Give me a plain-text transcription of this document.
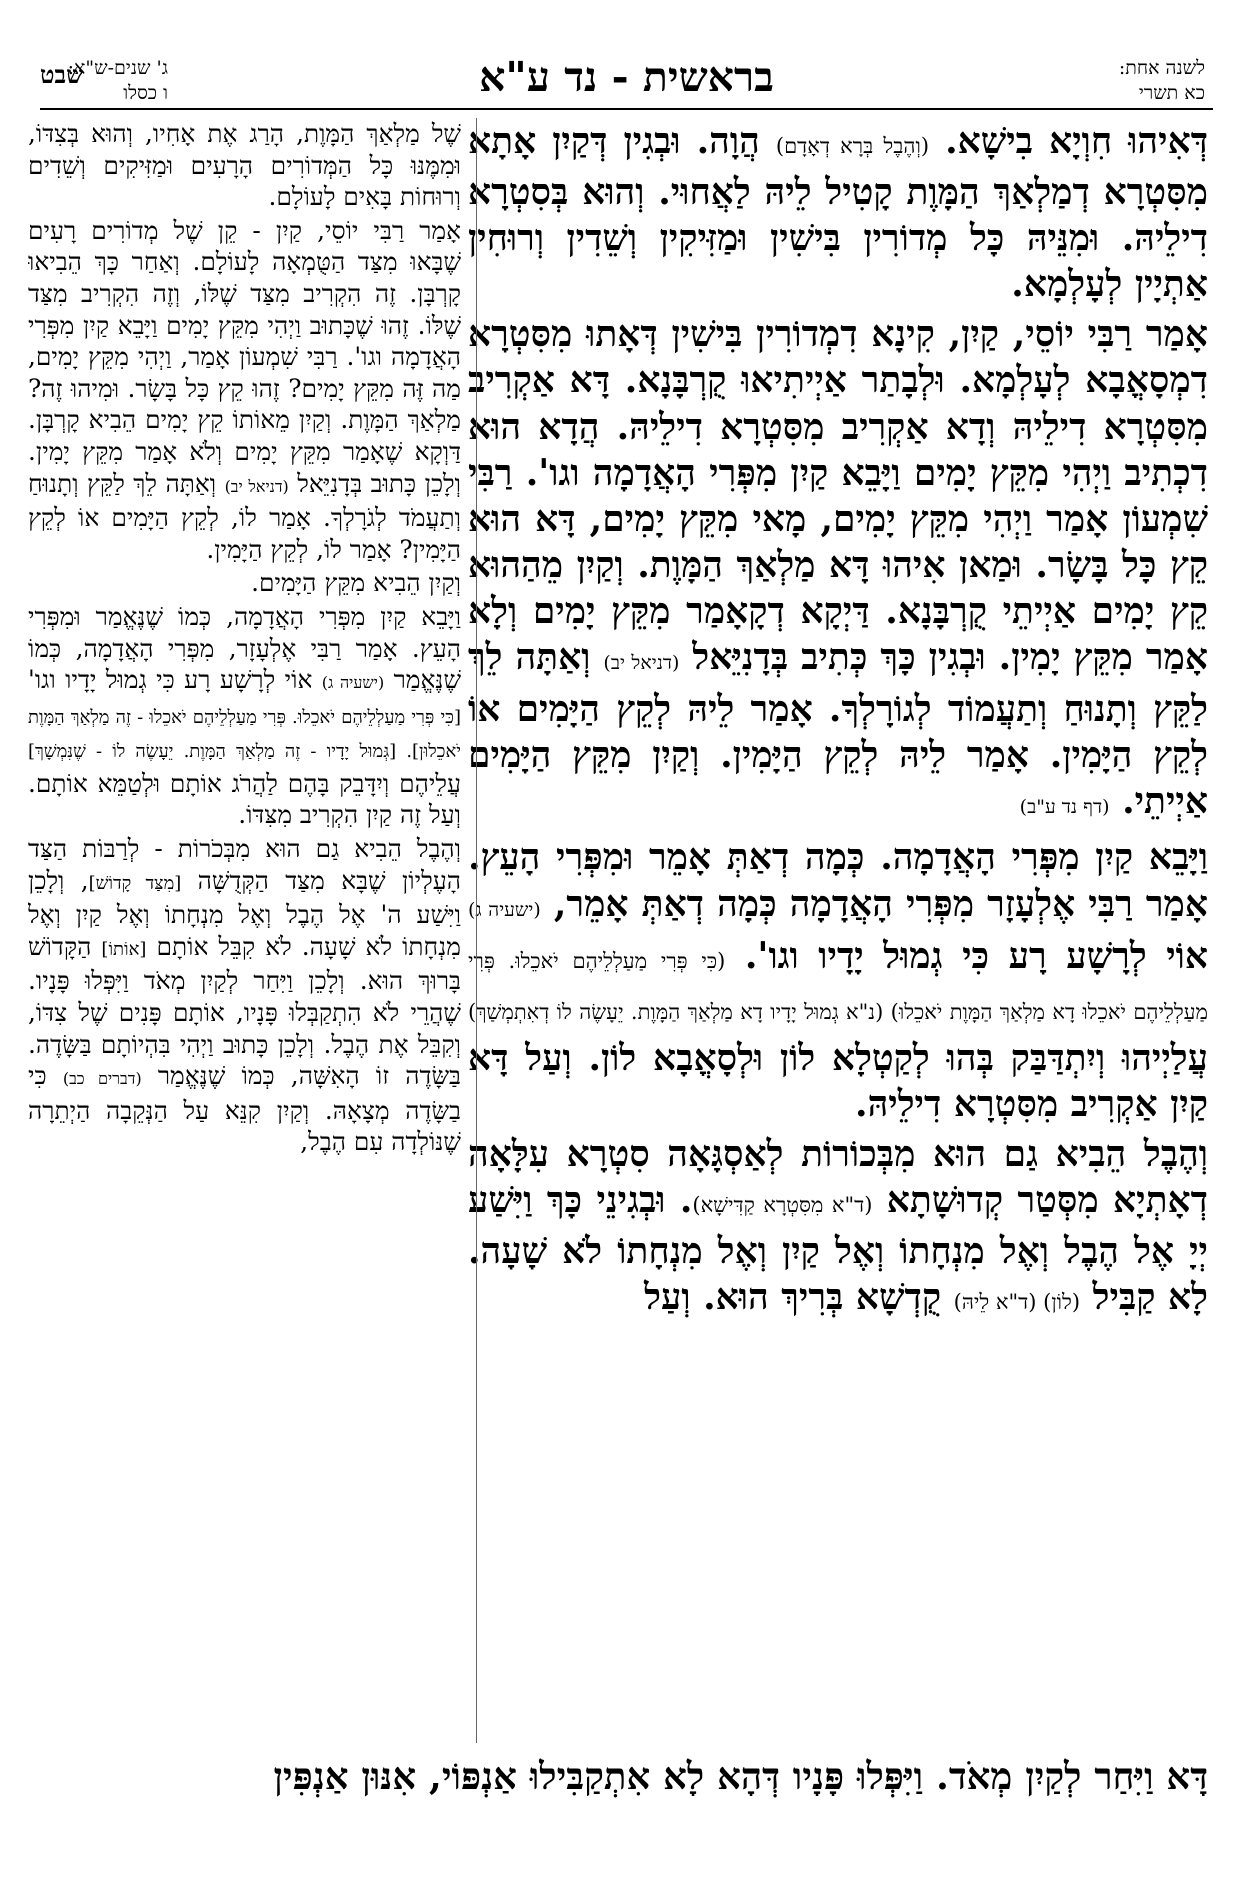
לשנה אחת:
כא תשרי
בראשית - נד ע"א
ג' שנים-ש"א:
ו כסלו
שבט

דְּאִיהוּ חִוְיָא בִישָׁא. (וְהֶבֶל בְּרָא דְאָדָם) הֲוָה. וּבְגִין דְּקַיִן אָתָא מִסִּטְרָא דְמַלְאַךְ הַמָּוֶת קָטִיל לֵיהּ לַאֲחוּי. וְהוּא בְּסִטְרָא דִילֵיהּ. וּמִנֵּיהּ כָּל מְדוֹרִין בִּישִׁין וּמַזִּיקִין וְשֵׁדִין וְרוּחִין אַתְיָין לְעָלְמָא.

אָמַר רַבִּי יוֹסֵי, קַיִן, קִינָא דִמְדוֹרִין בִּישִׁין דְּאָתוּ מִסִּטְרָא דִמְסָאֳבָא לְעָלְמָא. וּלְבָתַר אַיְיתִיאוּ קֻרְבָּנָא. דָּא אַקְרִיב מִסִּטְרָא דִילֵיהּ וְדָא אַקְרִיב מִסִּטְרָא דִילֵיהּ. הֲדָא הוּא דִכְתִיב וַיְהִי מִקֵּץ יָמִים וַיָּבֵא קַיִן מִפְּרִי הָאֲדָמָה וגו'. רַבִּי שִׁמְעוֹן אָמַר וַיְהִי מִקֵּץ יָמִים, מָאי מִקֵּץ יָמִים, דָּא הוּא קֵץ כָּל בָּשָׂר. וּמַאן אִיהוּ דָּא מַלְאַךְ הַמָּוֶת. וְקַיִן מֵהַהוּא קֵץ יָמִים אַיְיתֵי קֻרְבָּנָא. דַּיְקָא דְקָאָמַר מִקֵּץ יָמִים וְלָא אָמַר מִקֵּץ יָמִין. וּבְגִין כָּךְ כְּתִיב בְּדָנִיֵּאל (דניאל יב) וְאַתָּה לֵךְ לַקֵּץ וְתָנוּחַ וְתַעֲמוֹד לְגוֹרָלְךָ. אָמַר לֵיהּ לְקֵץ הַיָּמִים אוֹ לְקֵץ הַיָּמִין. אָמַר לֵיהּ לְקֵץ הַיָּמִין. וְקַיִן מִקֵּץ הַיָּמִים אַיְיתֵי. (דף נד ע"ב)

וַיָּבֵא קַיִן מִפְּרִי הָאֲדָמָה. כְּמָה דְאַתְּ אָמֵר וּמִפְּרִי הָעֵץ. אָמַר רַבִּי אֶלְעָזָר מִפְּרִי הָאֲדָמָה כְּמָה דְאַתְּ אָמֵר, (ישעיה ג) אוֹי לְרָשָׁע רָע כִּי גְמוּל יָדָיו וגו'. (כִּי פְּרִי מַעַלְלֵיהֶם יֹאכֵלוּ. פְּרִי מַעַלְלֵיהֶם יֹאכֵלוּ דָא מַלְאַךְ הַמָּוֶת יֹאכֵלוּ) (נ"א גְמוּל יָדָיו דָא מַלְאַךְ הַמָּוֶת. יֵעָשֶׂה לוֹ דְאִתְמְשַׁךְ) עֲלַיְיהוּ וְיִתְדַּבַּק בְּהוּ לְקַטְלָא לוֹן וּלְסָאֳבָא לוֹן. וְעַל דָּא קַיִן אַקְרִיב מִסִּטְרָא דִילֵיהּ.

וְהֶבֶל הֵבִיא גַם הוּא מִבְּכוֹרוֹת לְאַסְגָּאָה סִטְרָא עִלָּאָה דְאָתְיָא מִסְּטַר קְדוּשָׁתָא (ד"א מִסִּטְרָא קַדִּישָׁא). וּבְגִינֵי כָּךְ וַיִּשַׁע יְיָ אֶל הֶבֶל וְאֶל מִנְחָתוֹ וְאֶל קַיִן וְאֶל מִנְחָתוֹ לֹא שָׁעָה. לָא קַבִּיל (לוֹן) (ד"א לֵיהּ) קֻדְשָׁא בְּרִיךְ הוּא. וְעַל

שֶׁל מַלְאַךְ הַמָּוֶת, הָרַג אֶת אָחִיו, וְהוּא בְּצִדּוֹ, וּמִמֶּנּוּ כָּל הַמְּדוֹרִים הָרָעִים וּמַזִּיקִים וְשֵׁדִים וְרוּחוֹת בָּאִים לָעוֹלָם.

אָמַר רַבִּי יוֹסֵי, קַיִן - קֵן שֶׁל מְדוֹרִים רָעִים שֶׁבָּאוּ מִצַּד הַטֻּמְאָה לָעוֹלָם. וְאַחַר כָּךְ הֵבִיאוּ קָרְבָּן. זֶה הִקְרִיב מִצַּד שֶׁלּוֹ, וְזֶה הִקְרִיב מִצַּד שֶׁלּוֹ. זֶהוּ שֶׁכָּתוּב וַיְהִי מִקֵּץ יָמִים וַיָּבֵא קַיִן מִפְּרִי הָאֲדָמָה וגו'. רַבִּי שִׁמְעוֹן אָמַר, וַיְהִי מִקֵּץ יָמִים, מַה זֶּה מִקֵּץ יָמִים? זֶהוּ קֵץ כָּל בָּשָׂר. וּמִיהוּ זֶה? מַלְאַךְ הַמָּוֶת. וְקַיִן מֵאוֹתוֹ קֵץ יָמִים הֵבִיא קָרְבָּן. דַּוְקָא שֶׁאָמַר מִקֵּץ יָמִים וְלֹא אָמַר מִקֵּץ יָמִין. וְלָכֵן כָּתוּב בְּדָנִיֵּאל (דניאל יב) וְאַתָּה לֵךְ לַקֵּץ וְתָנוּחַ וְתַעֲמֹד לְגֹרָלְךָ. אָמַר לוֹ, לְקֵץ הַיָּמִים אוֹ לְקֵץ הַיָּמִין? אָמַר לוֹ, לְקֵץ הַיָּמִין.

וְקַיִן הֵבִיא מִקֵּץ הַיָּמִים.

וַיָּבֵא קַיִן מִפְּרִי הָאֲדָמָה, כְּמוֹ שֶׁנֶּאֱמַר וּמִפְּרִי הָעֵץ. אָמַר רַבִּי אֶלְעָזָר, מִפְּרִי הָאֲדָמָה, כְּמוֹ שֶׁנֶּאֱמַר (ישעיה ג) אוֹי לְרָשָׁע רָע כִּי גְמוּל יָדָיו וגו' [כִּי פְּרִי מַעַלְלֵיהֶם יֹאכֵלוּ. פְּרִי מַעַלְלֵיהֶם יֹאכֵלוּ - זֶה מַלְאַךְ הַמָּוֶת יֹאכֵלוּן]. [גְּמוּל יָדָיו - זֶה מַלְאַךְ הַמָּוֶת. יֵעָשֶׂה לוֹ - שֶׁנִּמְשָׁךְ] עֲלֵיהֶם וְיִדָּבֵק בָּהֶם לַהֲרֹג אוֹתָם וּלְטַמֵּא אוֹתָם. וְעַל זֶה קַיִן הִקְרִיב מִצִּדּוֹ.

וְהֶבֶל הֵבִיא גַם הוּא מִבְּכֹרוֹת - לְרַבּוֹת הַצַּד הָעֶלְיוֹן שֶׁבָּא מִצַּד הַקְּדֻשָּׁה [מִצַּד קָדוֹשׁ], וְלָכֵן וַיִּשַׁע ה' אֶל הֶבֶל וְאֶל מִנְחָתוֹ וְאֶל קַיִן וְאֶל מִנְחָתוֹ לֹא שָׁעָה. לֹא קִבֵּל אוֹתָם [אוֹתוֹ] הַקָּדוֹשׁ בָּרוּךְ הוּא. וְלָכֵן וַיִּחַר לְקַיִן מְאֹד וַיִּפְּלוּ פָּנָיו. שֶׁהֲרֵי לֹא הִתְקַבְּלוּ פָּנָיו, אוֹתָם פָּנִים שֶׁל צִדּוֹ, וְקִבֵּל אֶת הֶבֶל. וְלָכֵן כָּתוּב וַיְהִי בִּהְיוֹתָם בַּשָּׂדֶה. בַּשָּׂדֶה זוֹ הָאִשָּׁה, כְּמוֹ שֶׁנֶּאֱמַר (דברים כב) כִּי בַשָּׂדֶה מְצָאָהּ. וְקַיִן קִנֵּא עַל הַנְּקֵבָה הַיְתֵרָה שֶׁנּוֹלְדָה עִם הֶבֶל,

דָּא וַיִּחַר לְקַיִן מְאֹד. וַיִּפְּלוּ פָּנָיו דְּהָא לָא אִתְקַבִּילוּ אַנְפּוֹי, אִנּוּן אַנְפִּין
